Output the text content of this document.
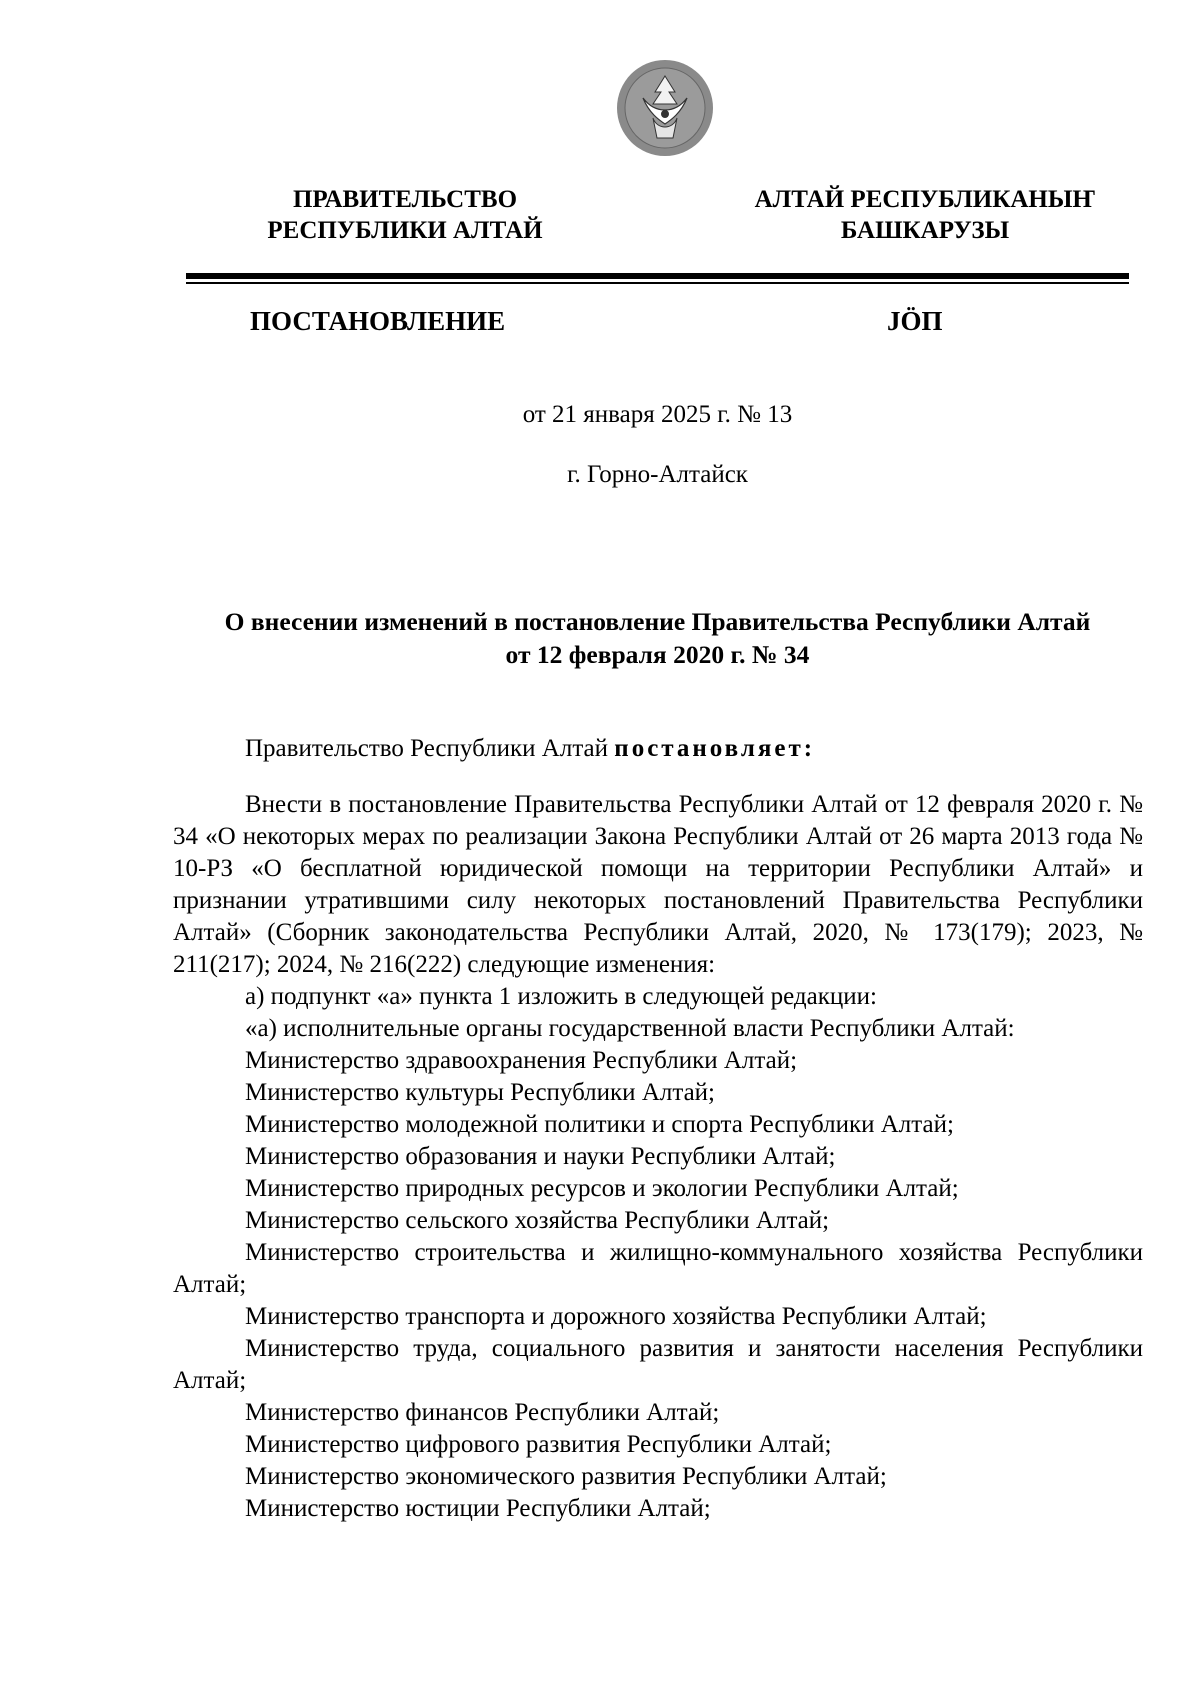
ПРАВИТЕЛЬСТВО
РЕСПУБЛИКИ АЛТАЙ
АЛТАЙ РЕСПУБЛИКАНЫҤ
БАШКАРУЗЫ
ПОСТАНОВЛЕНИЕ	JӦП
от 21 января 2025 г. № 13
г. Горно-Алтайск
О внесении изменений в постановление Правительства Республики Алтай
от 12 февраля 2020 г. № 34

Правительство Республики Алтай постановляет:

Внести в постановление Правительства Республики Алтай от 12 февраля 2020 г. № 34 «О некоторых мерах по реализации Закона Республики Алтай от 26 марта 2013 года № 10-РЗ «О бесплатной юридической помощи на территории Республики Алтай» и признании утратившими силу некоторых постановлений Правительства Республики Алтай» (Сборник законодательства Республики Алтай, 2020, № 173(179); 2023, № 211(217); 2024, № 216(222) следующие изменения:

а) подпункт «а» пункта 1 изложить в следующей редакции:

«а) исполнительные органы государственной власти Республики Алтай:

Министерство здравоохранения Республики Алтай;

Министерство культуры Республики Алтай;

Министерство молодежной политики и спорта Республики Алтай;

Министерство образования и науки Республики Алтай;

Министерство природных ресурсов и экологии Республики Алтай;

Министерство сельского хозяйства Республики Алтай;

Министерство строительства и жилищно-коммунального хозяйства Республики Алтай;

Министерство транспорта и дорожного хозяйства Республики Алтай;

Министерство труда, социального развития и занятости населения Республики Алтай;

Министерство финансов Республики Алтай;

Министерство цифрового развития Республики Алтай;

Министерство экономического развития Республики Алтай;

Министерство юстиции Республики Алтай;
